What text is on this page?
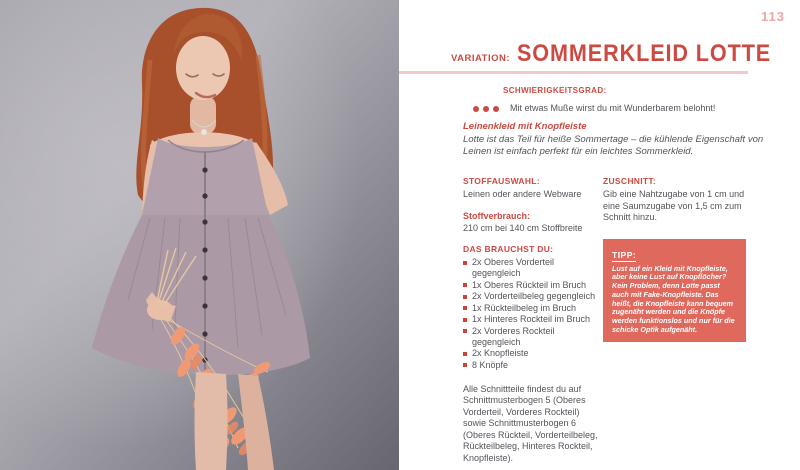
113
VARIATION: SOMMERKLEID LOTTE
SCHWIERIGKEITSGRAD:
Mit etwas Muße wirst du mit Wunderbarem belohnt!
Leinenkleid mit Knopfleiste
Lotte ist das Teil für heiße Sommertage – die kühlende Eigenschaft von Leinen ist einfach perfekt für ein leichtes Sommerkleid.
STOFFAUSWAHL:
Leinen oder andere Webware
Stoffverbrauch:
210 cm bei 140 cm Stoffbreite
DAS BRAUCHST DU:
2x Oberes Vorderteil gegengleich
1x Oberes Rückteil im Bruch
2x Vorderteilbeleg gegengleich
1x Rückteilbeleg im Bruch
1x Hinteres Rockteil im Bruch
2x Vorderes Rockteil gegengleich
2x Knopfleiste
8 Knöpfe
Alle Schnittteile findest du auf Schnittmusterbogen 5 (Oberes Vorderteil, Vorderes Rockteil) sowie Schnittmusterbogen 6 (Oberes Rückteil, Vorderteilbeleg, Rückteilbeleg, Hinteres Rockteil, Knopfleiste).
ZUSCHNITT:
Gib eine Nahtzugabe von 1 cm und eine Saumzugabe von 1,5 cm zum Schnitt hinzu.
TIPP:
Lust auf ein Kleid mit Knopfleiste, aber keine Lust auf Knopflöcher? Kein Problem, denn Lotte passt auch mit Fake-Knopfleiste. Das heißt, die Knopfleiste kann bequem zugenäht werden und die Knöpfe werden funktionslos und nur für die schicke Optik aufgenäht.
